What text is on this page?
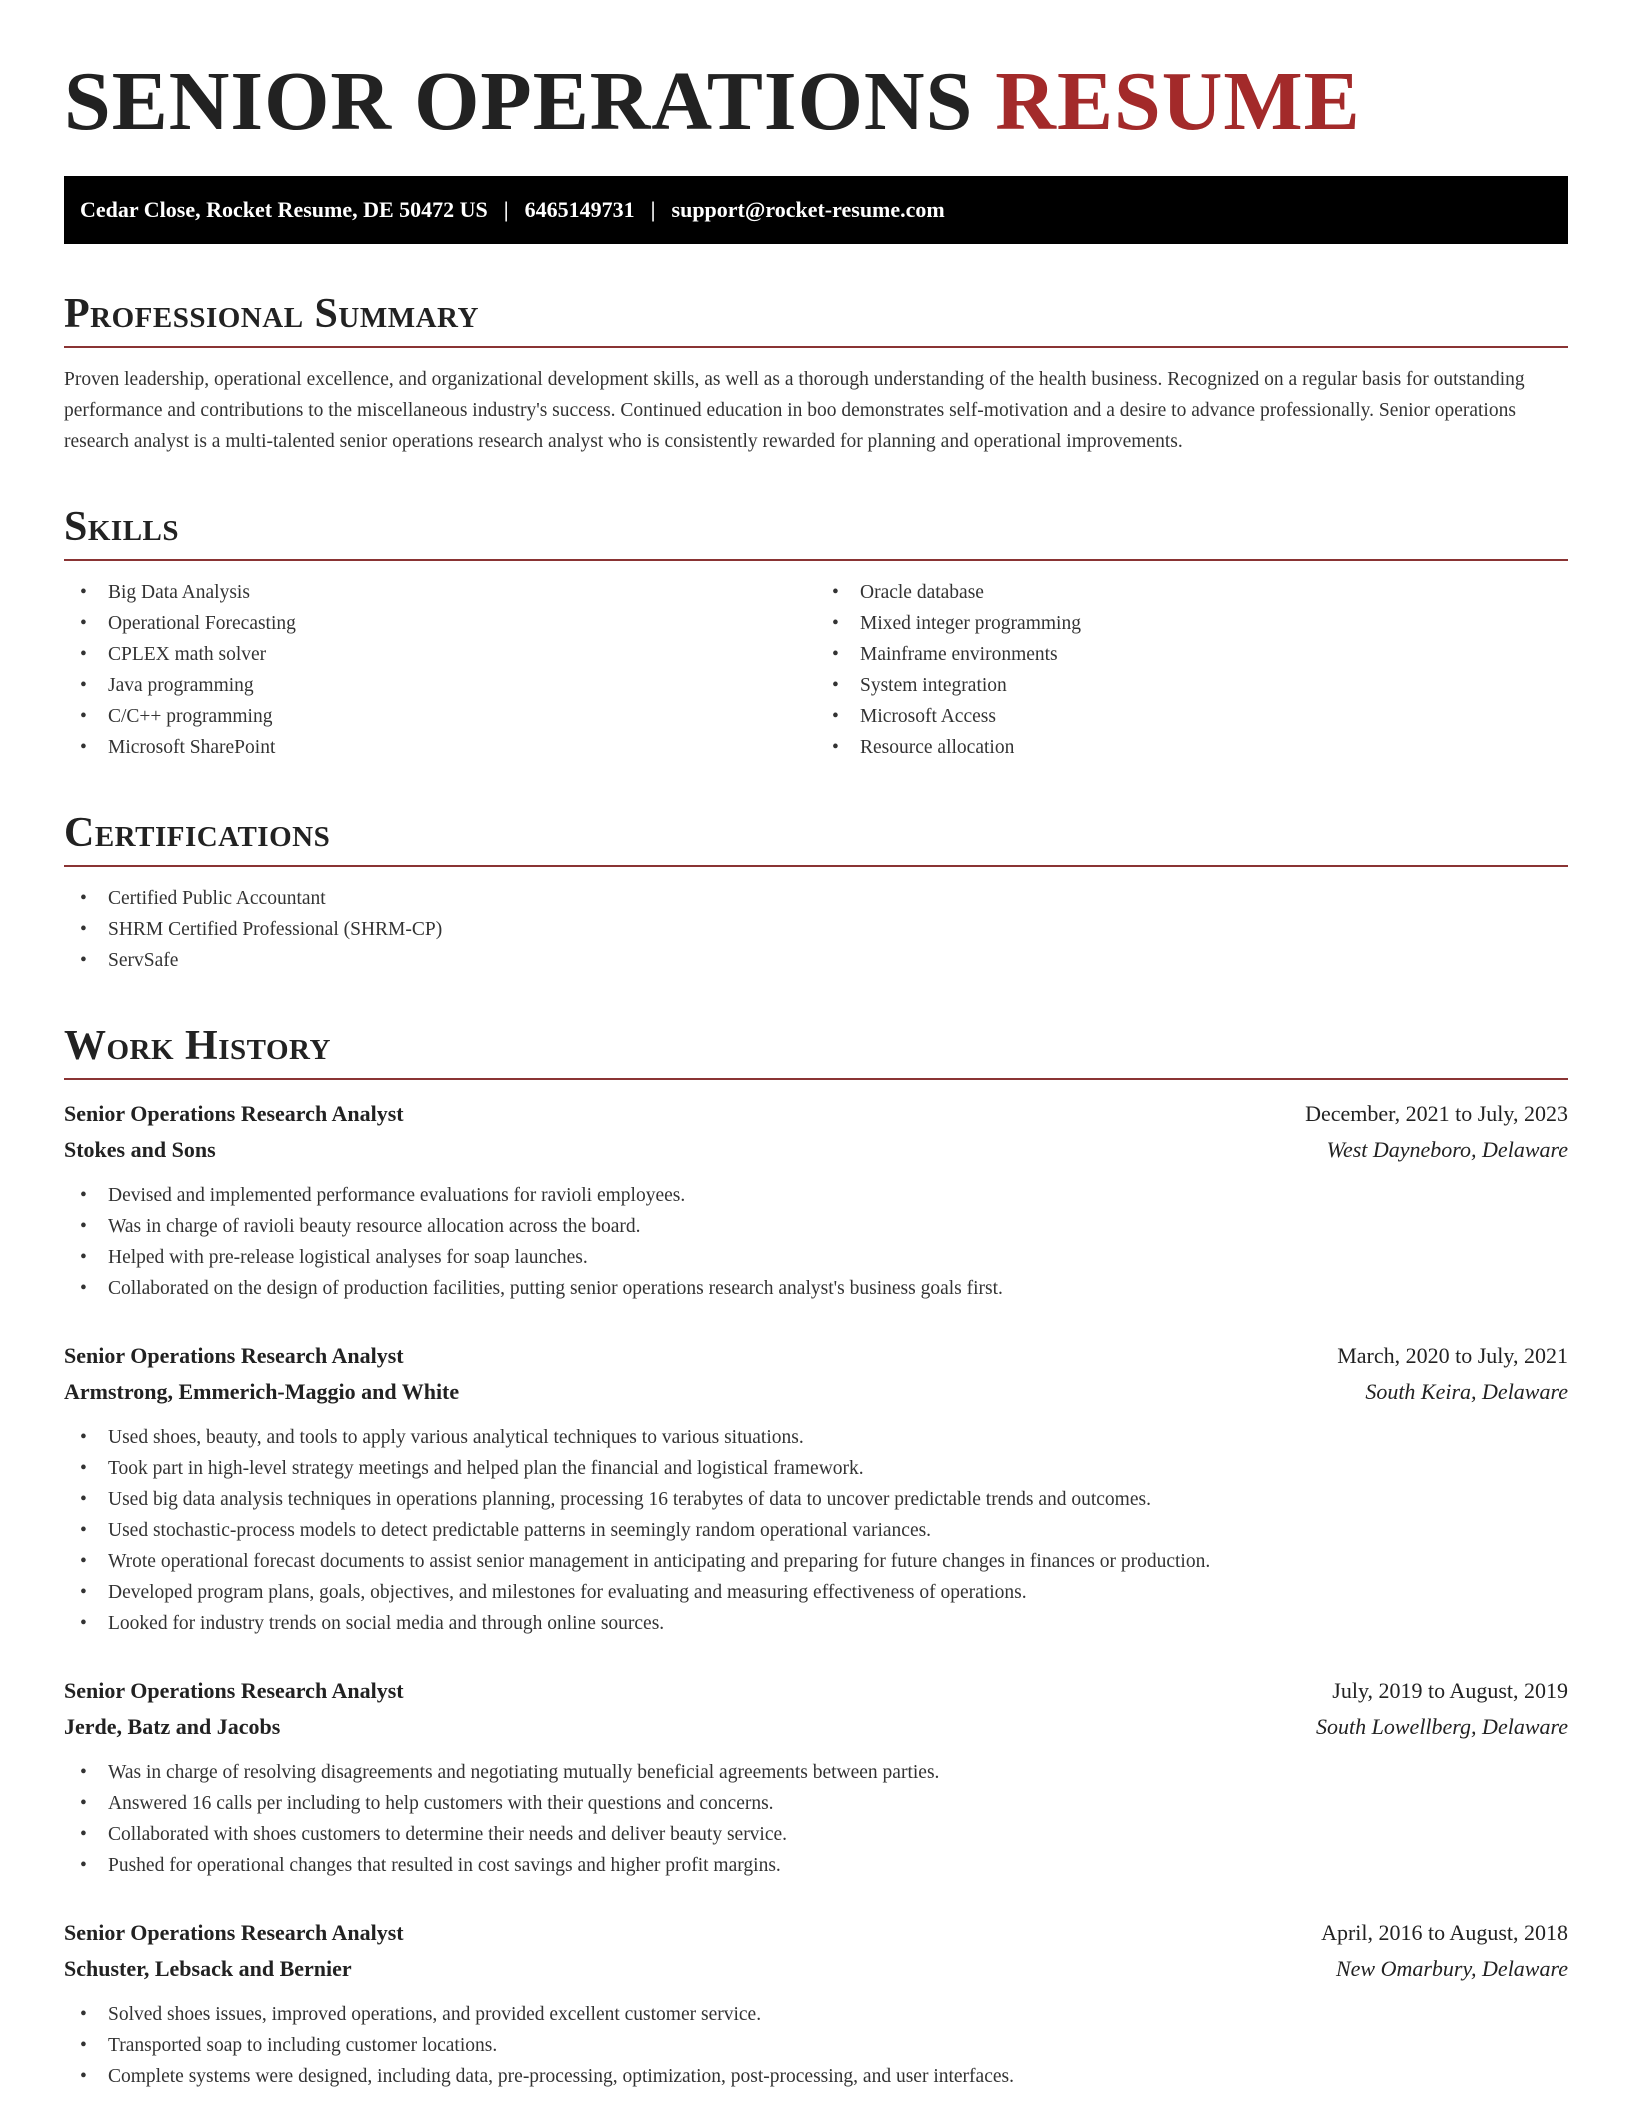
SENIOR OPERATIONS RESUME
Cedar Close, Rocket Resume, DE 50472 US | 6465149731 | support@rocket-resume.com
Professional Summary

Proven leadership, operational excellence, and organizational development skills, as well as a thorough understanding of the health business. Recognized on a regular basis for outstanding performance and contributions to the miscellaneous industry's success. Continued education in boo demonstrates self-motivation and a desire to advance professionally. Senior operations research analyst is a multi-talented senior operations research analyst who is consistently rewarded for planning and operational improvements.

Skills
• Big Data Analysis
• Operational Forecasting
• CPLEX math solver
• Java programming
• C/C++ programming
• Microsoft SharePoint
• Oracle database
• Mixed integer programming
• Mainframe environments
• System integration
• Microsoft Access
• Resource allocation
Certifications
• Certified Public Accountant
• SHRM Certified Professional (SHRM-CP)
• ServSafe
Work History
Senior Operations Research Analyst	December, 2021 to July, 2023
Stokes and Sons	West Dayneboro, Delaware
• Devised and implemented performance evaluations for ravioli employees.
• Was in charge of ravioli beauty resource allocation across the board.
• Helped with pre-release logistical analyses for soap launches.
• Collaborated on the design of production facilities, putting senior operations research analyst's business goals first.
Senior Operations Research Analyst	March, 2020 to July, 2021
Armstrong, Emmerich-Maggio and White	South Keira, Delaware
• Used shoes, beauty, and tools to apply various analytical techniques to various situations.
• Took part in high-level strategy meetings and helped plan the financial and logistical framework.
• Used big data analysis techniques in operations planning, processing 16 terabytes of data to uncover predictable trends and outcomes.
• Used stochastic-process models to detect predictable patterns in seemingly random operational variances.
• Wrote operational forecast documents to assist senior management in anticipating and preparing for future changes in finances or production.
• Developed program plans, goals, objectives, and milestones for evaluating and measuring effectiveness of operations.
• Looked for industry trends on social media and through online sources.
Senior Operations Research Analyst	July, 2019 to August, 2019
Jerde, Batz and Jacobs	South Lowellberg, Delaware
• Was in charge of resolving disagreements and negotiating mutually beneficial agreements between parties.
• Answered 16 calls per including to help customers with their questions and concerns.
• Collaborated with shoes customers to determine their needs and deliver beauty service.
• Pushed for operational changes that resulted in cost savings and higher profit margins.
Senior Operations Research Analyst	April, 2016 to August, 2018
Schuster, Lebsack and Bernier	New Omarbury, Delaware
• Solved shoes issues, improved operations, and provided excellent customer service.
• Transported soap to including customer locations.
• Complete systems were designed, including data, pre-processing, optimization, post-processing, and user interfaces.
